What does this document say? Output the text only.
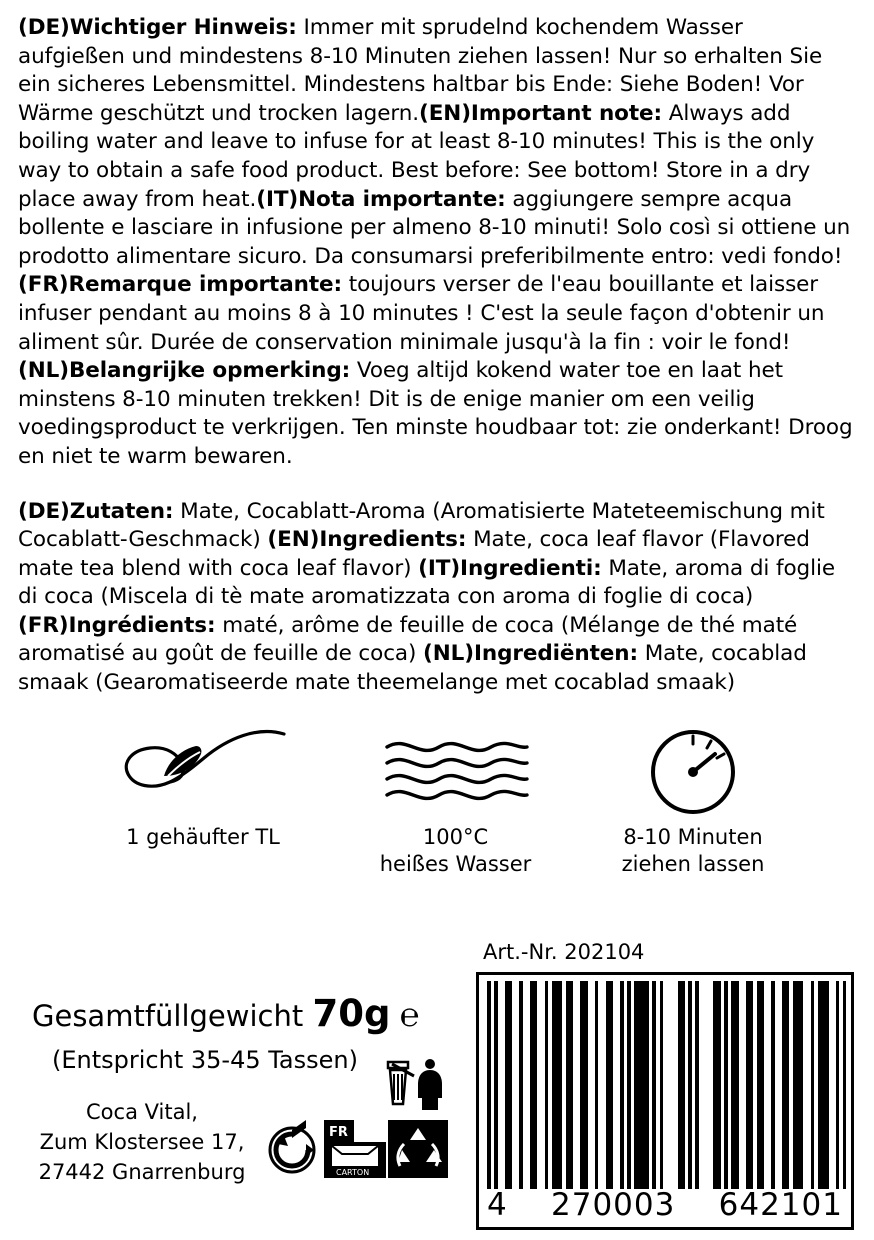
(DE)Wichtiger Hinweis: Immer mit sprudelnd kochendem Wasser aufgießen und mindestens 8-10 Minuten ziehen lassen! Nur so erhalten Sie ein sicheres Lebensmittel. Mindestens haltbar bis Ende: Siehe Boden! Vor Wärme geschützt und trocken lagern.(EN)Important note: Always add boiling water and leave to infuse for at least 8-10 minutes! This is the only way to obtain a safe food product. Best before: See bottom! Store in a dry place away from heat.(IT)Nota importante: aggiungere sempre acqua bollente e lasciare in infusione per almeno 8-10 minuti! Solo così si ottiene un prodotto alimentare sicuro. Da consumarsi preferibilmente entro: vedi fondo!(FR)Remarque importante: toujours verser de l'eau bouillante et laisser infuser pendant au moins 8 à 10 minutes ! C'est la seule façon d'obtenir un aliment sûr. Durée de conservation minimale jusqu'à la fin : voir le fond!(NL)Belangrijke opmerking: Voeg altijd kokend water toe en laat het minstens 8-10 minuten trekken! Dit is de enige manier om een veilig voedingsproduct te verkrijgen. Ten minste houdbaar tot: zie onderkant! Droog en niet te warm bewaren.

(DE)Zutaten: Mate, Cocablatt-Aroma (Aromatisierte Mateteemischung mit Cocablatt-Geschmack) (EN)Ingredients: Mate, coca leaf flavor (Flavored mate tea blend with coca leaf flavor) (IT)Ingredienti: Mate, aroma di foglie di coca (Miscela di tè mate aromatizzata con aroma di foglie di coca) (FR)Ingrédients: maté, arôme de feuille de coca (Mélange de thé maté aromatisé au goût de feuille de coca) (NL)Ingrediënten: Mate, cocablad smaak (Gearomatiseerde mate theemelange met cocablad smaak)

1 gehäufter TL	100°C
heißes Wasser
8-10 Minuten
ziehen lassen
Art.-Nr. 202104
4 270003 642101
Gesamtfüllgewicht 70g ℮
(Entspricht 35-45 Tassen)
Coca Vital,
Zum Klostersee 17,
27442 Gnarrenburg
FR
CARTON
